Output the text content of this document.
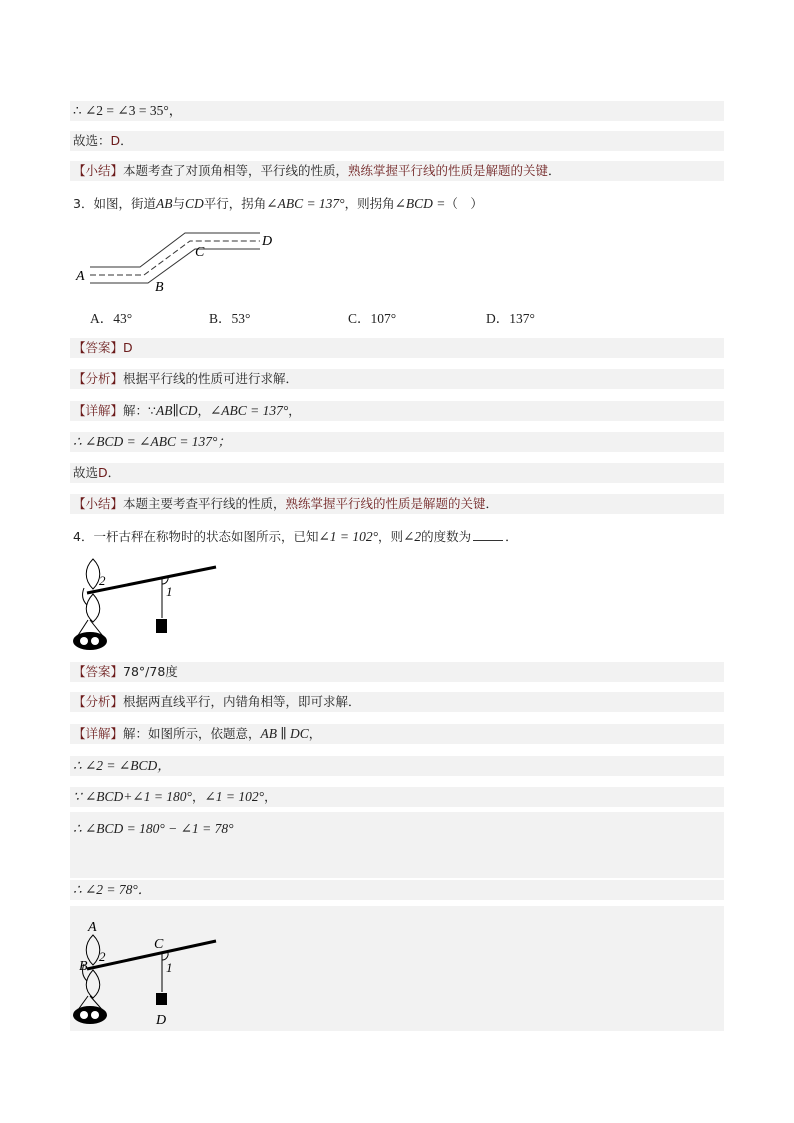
∴ ∠2 = ∠3 = 35°，
故选：D．
【小结】本题考查了对顶角相等，平行线的性质，熟练掌握平行线的性质是解题的关键．
3．如图，街道AB与CD平行，拐角∠ABC = 137°，则拐角∠BCD =（　）
A
B
C
D
A．43°	B．53°	C．107°	D．137°
【答案】D
【分析】根据平行线的性质可进行求解．
【详解】解：∵AB∥CD，∠ABC = 137°，
∴ ∠BCD = ∠ABC = 137°；
故选D．
【小结】本题主要考查平行线的性质，熟练掌握平行线的性质是解题的关键．
4．一杆古秤在称物时的状态如图所示，已知∠1 = 102°，则∠2的度数为	．
2
1
【答案】78°/78度
【分析】根据两直线平行，内错角相等，即可求解．
【详解】解：如图所示，依题意，AB ∥ DC，
∴ ∠2 = ∠BCD，
∵ ∠BCD+∠1 = 180°，∠1 = 102°，
∴ ∠BCD = 180° − ∠1 = 78°
∴ ∠2 = 78°．
A
B
C
D
2
1
